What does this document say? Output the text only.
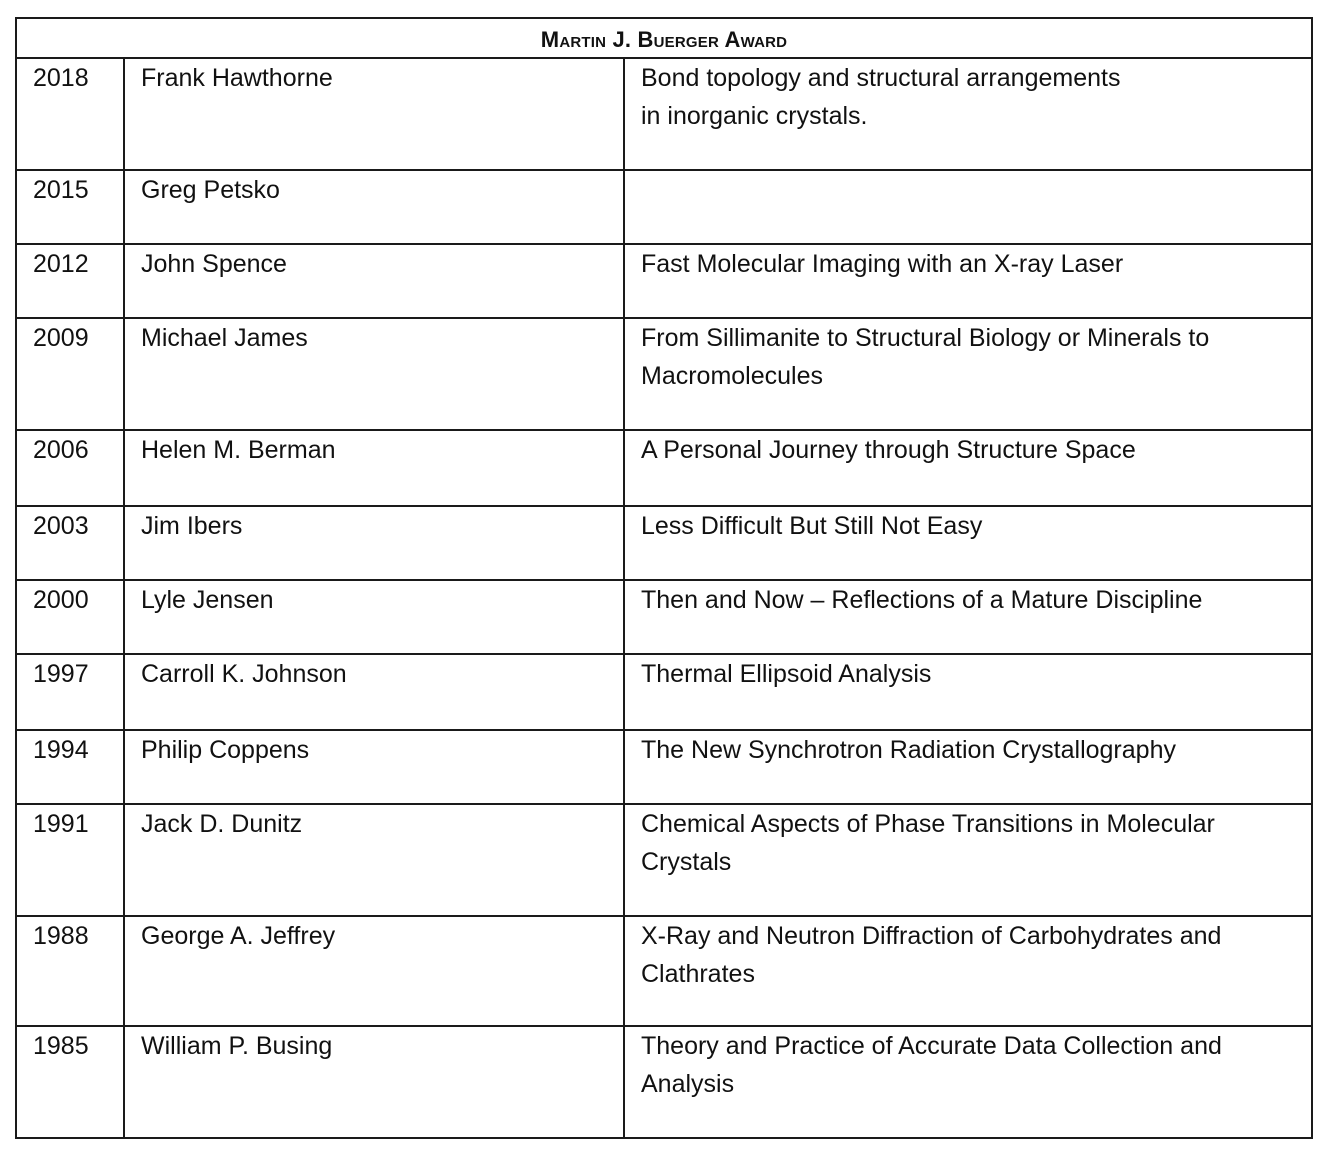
Martin J. Buerger Award		

2018	Frank Hawthorne	Bond topology and structural arrangements
in inorganic crystals.

2015	Greg Petsko	

2012	John Spence	Fast Molecular Imaging with an X-ray Laser

2009	Michael James	From Sillimanite to Structural Biology or Minerals to
Macromolecules

2006	Helen M. Berman	A Personal Journey through Structure Space

2003	Jim Ibers	Less Difficult But Still Not Easy

2000	Lyle Jensen	Then and Now – Reflections of a Mature Discipline

1997	Carroll K. Johnson	Thermal Ellipsoid Analysis

1994	Philip Coppens	The New Synchrotron Radiation Crystallography

1991	Jack D. Dunitz	Chemical Aspects of Phase Transitions in Molecular
Crystals

1988	George A. Jeffrey	X-Ray and Neutron Diffraction of Carbohydrates and
Clathrates

1985	William P. Busing	Theory and Practice of Accurate Data Collection and
Analysis
